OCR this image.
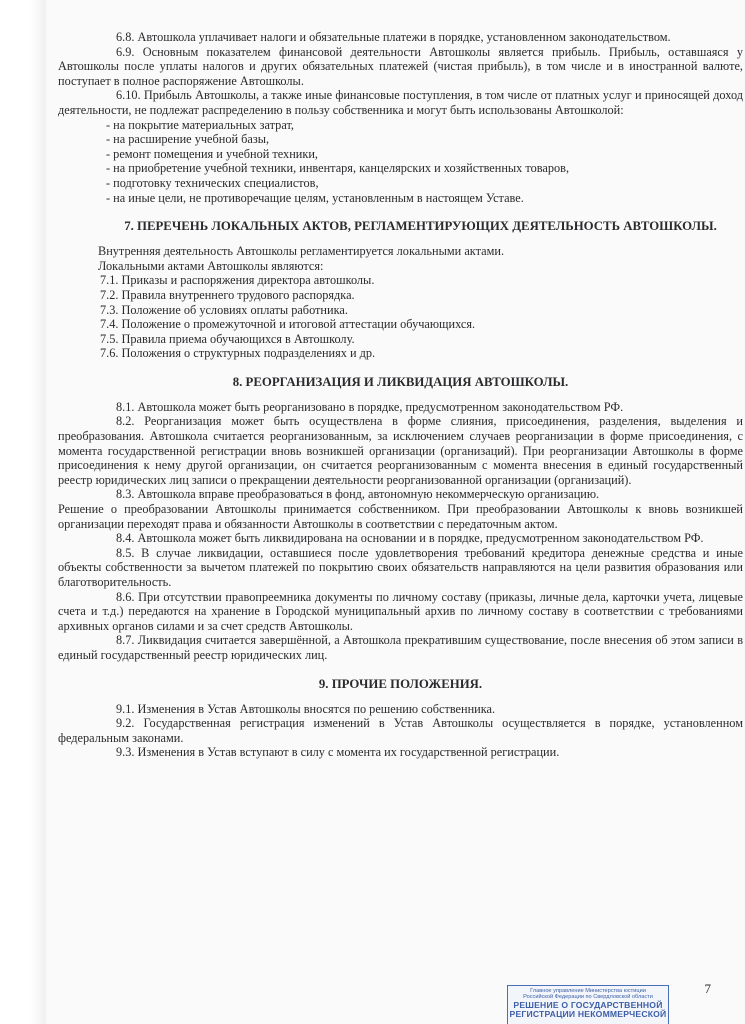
6.8. Автошкола уплачивает налоги и обязательные платежи в порядке, установленном законодательством.

6.9. Основным показателем финансовой деятельности Автошколы является прибыль. Прибыль, оставшаяся у Автошколы после уплаты налогов и других обязательных платежей (чистая прибыль), в том числе и в иностранной валюте, поступает в полное распоряжение Автошколы.

6.10. Прибыль Автошколы, а также иные финансовые поступления, в том числе от платных услуг и приносящей доход деятельности, не подлежат распределению в пользу собственника и могут быть использованы Автошколой:

- на покрытие материальных затрат,

- на расширение учебной базы,

- ремонт помещения и учебной техники,

- на приобретение учебной техники, инвентаря, канцелярских и хозяйственных товаров,

- подготовку технических специалистов,

- на иные цели, не противоречащие целям, установленным в настоящем Уставе.

7. ПЕРЕЧЕНЬ ЛОКАЛЬНЫХ АКТОВ, РЕГЛАМЕНТИРУЮЩИХ ДЕЯТЕЛЬНОСТЬ АВТОШКОЛЫ.

Внутренняя деятельность Автошколы регламентируется локальными актами.

Локальными актами Автошколы являются:

7.1. Приказы и распоряжения директора автошколы.

7.2. Правила внутреннего трудового распорядка.

7.3. Положение об условиях оплаты работника.

7.4. Положение о промежуточной и итоговой аттестации обучающихся.

7.5. Правила приема обучающихся в Автошколу.

7.6. Положения о структурных подразделениях и др.

8. РЕОРГАНИЗАЦИЯ И ЛИКВИДАЦИЯ АВТОШКОЛЫ.

8.1. Автошкола может быть реорганизовано в порядке, предусмотренном законодательством РФ.

8.2. Реорганизация может быть осуществлена в форме слияния, присоединения, разделения, выделения и преобразования. Автошкола считается реорганизованным, за исключением случаев реорганизации в форме присоединения, с момента государственной регистрации вновь возникшей организации (организаций). При реорганизации Автошколы в форме присоединения к нему другой организации, он считается реорганизованным с момента внесения в единый государственный реестр юридических лиц записи о прекращении деятельности реорганизованной организации (организаций).

8.3. Автошкола вправе преобразоваться в фонд, автономную некоммерческую организацию.

Решение о преобразовании Автошколы принимается собственником. При преобразовании Автошколы к вновь возникшей организации переходят права и обязанности Автошколы в соответствии с передаточным актом.

8.4. Автошкола может быть ликвидирована на основании и в порядке, предусмотренном законодательством РФ.

8.5. В случае ликвидации, оставшиеся после удовлетворения требований кредитора денежные средства и иные объекты собственности за вычетом платежей по покрытию своих обязательств направляются на цели развития образования или благотворительность.

8.6. При отсутствии правопреемника документы по личному составу (приказы, личные дела, карточки учета, лицевые счета и т.д.) передаются на хранение в Городской муниципальный архив по личному составу в соответствии с требованиями архивных органов силами и за счет средств Автошколы.

8.7. Ликвидация считается завершённой, а Автошкола прекратившим существование, после внесения об этом записи в единый государственный реестр юридических лиц.

9. ПРОЧИЕ ПОЛОЖЕНИЯ.

9.1. Изменения в Устав Автошколы вносятся по решению собственника.

9.2. Государственная регистрация изменений в Устав Автошколы осуществляется в порядке, установленном федеральным законами.

9.3. Изменения в Устав вступают в силу с момента их государственной регистрации.

7
Главное управление Министерства юстиции
Российской Федерации по Свердловской области
РЕШЕНИЕ О ГОСУДАРСТВЕННОЙ
РЕГИСТРАЦИИ НЕКОММЕРЧЕСКОЙ
